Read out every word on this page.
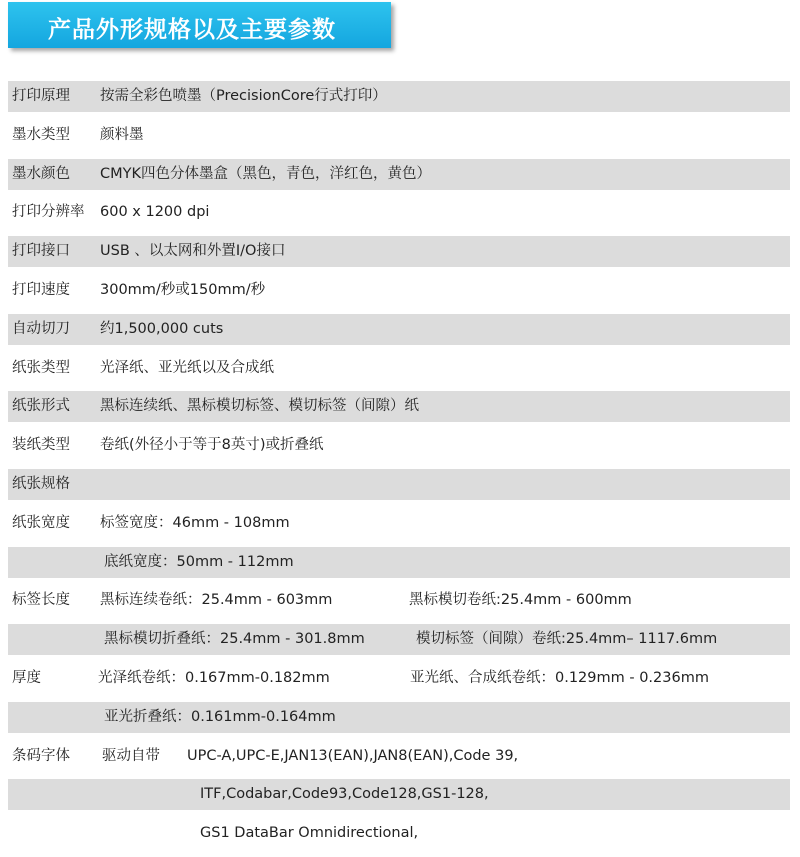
产品外形规格以及主要参数
打印原理 按需全彩色喷墨（PrecisionCore行式打印）
墨水类型 颜料墨
墨水颜色 CMYK四色分体墨盒（黑色，青色，洋红色，黄色）
打印分辨率 600 x 1200 dpi
打印接口 USB 、以太网和外置I/O接口
打印速度 300mm/秒或150mm/秒
自动切刀 约1,500,000 cuts
纸张类型 光泽纸、亚光纸以及合成纸
纸张形式 黑标连续纸、黑标模切标签、模切标签（间隙）纸
装纸类型 卷纸(外径小于等于8英寸)或折叠纸
纸张规格
纸张宽度 标签宽度：46mm - 108mm
底纸宽度：50mm - 112mm
标签长度 黑标连续卷纸：25.4mm - 603mm	黑标模切卷纸:25.4mm - 600mm
黑标模切折叠纸：25.4mm - 301.8mm	模切标签（间隙）卷纸:25.4mm– 1117.6mm
厚度	光泽纸卷纸：0.167mm-0.182mm	亚光纸、合成纸卷纸：0.129mm - 0.236mm
亚光折叠纸：0.161mm-0.164mm
条码字体 驱动自带 UPC-A,UPC-E,JAN13(EAN),JAN8(EAN),Code 39,
ITF,Codabar,Code93,Code128,GS1-128,
GS1 DataBar Omnidirectional,
